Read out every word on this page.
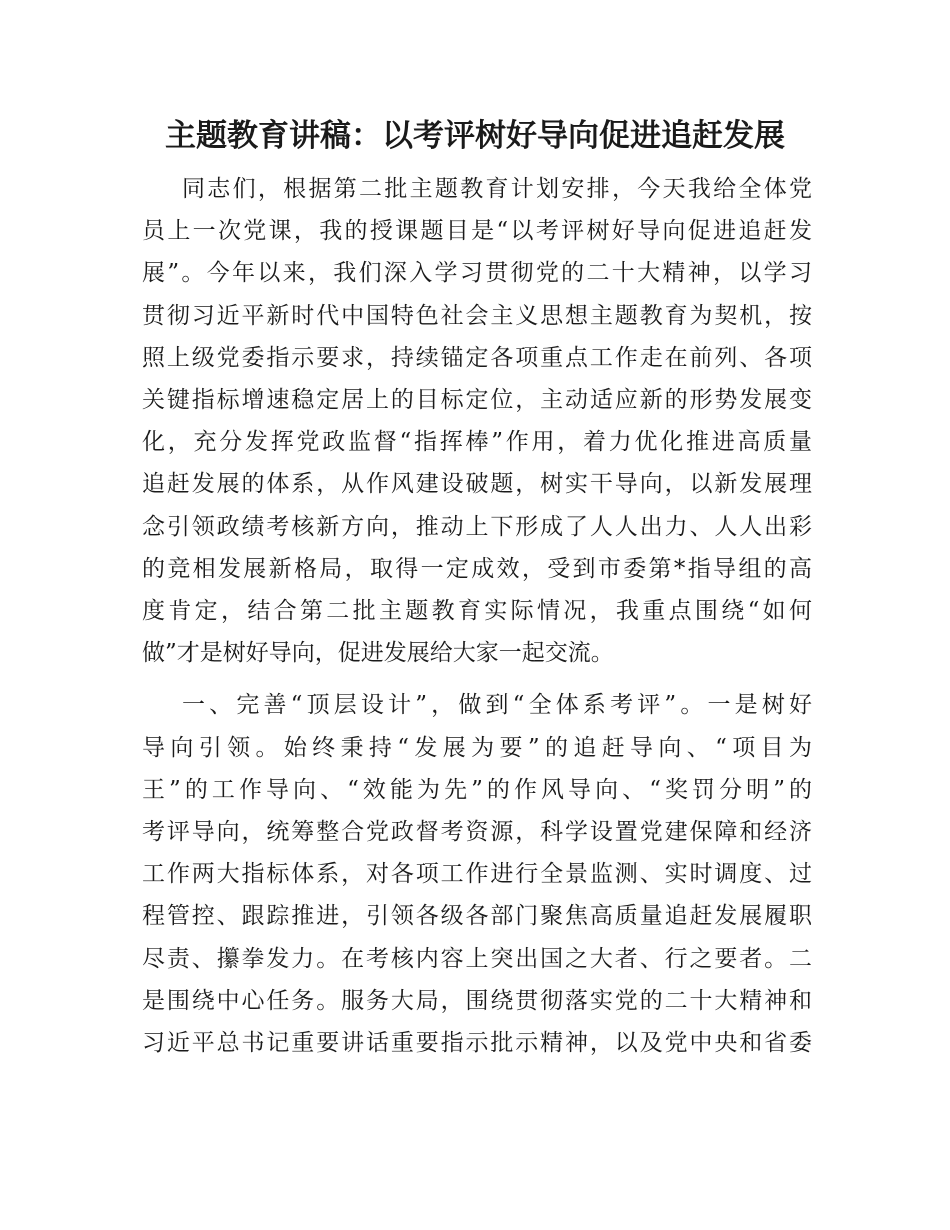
主题教育讲稿：以考评树好导向促进追赶发展

同志们，根据第二批主题教育计划安排，今天我给全体党
员上一次党课，我的授课题目是“以考评树好导向促进追赶发
展”。今年以来，我们深入学习贯彻党的二十大精神，以学习
贯彻习近平新时代中国特色社会主义思想主题教育为契机，按
照上级党委指示要求，持续锚定各项重点工作走在前列、各项
关键指标增速稳定居上的目标定位，主动适应新的形势发展变
化，充分发挥党政监督“指挥棒”作用，着力优化推进高质量
追赶发展的体系，从作风建设破题，树实干导向，以新发展理
念引领政绩考核新方向，推动上下形成了人人出力、人人出彩
的竞相发展新格局，取得一定成效，受到市委第*指导组的高
度肯定，结合第二批主题教育实际情况，我重点围绕“如何
做”才是树好导向，促进发展给大家一起交流。

一、完善“顶层设计”，做到“全体系考评”。一是树好
导向引领。始终秉持“发展为要”的追赶导向、“项目为
王”的工作导向、“效能为先”的作风导向、“奖罚分明”的
考评导向，统筹整合党政督考资源，科学设置党建保障和经济
工作两大指标体系，对各项工作进行全景监测、实时调度、过
程管控、跟踪推进，引领各级各部门聚焦高质量追赶发展履职
尽责、攥拳发力。在考核内容上突出国之大者、行之要者。二
是围绕中心任务。服务大局，围绕贯彻落实党的二十大精神和
习近平总书记重要讲话重要指示批示精神，以及党中央和省委
